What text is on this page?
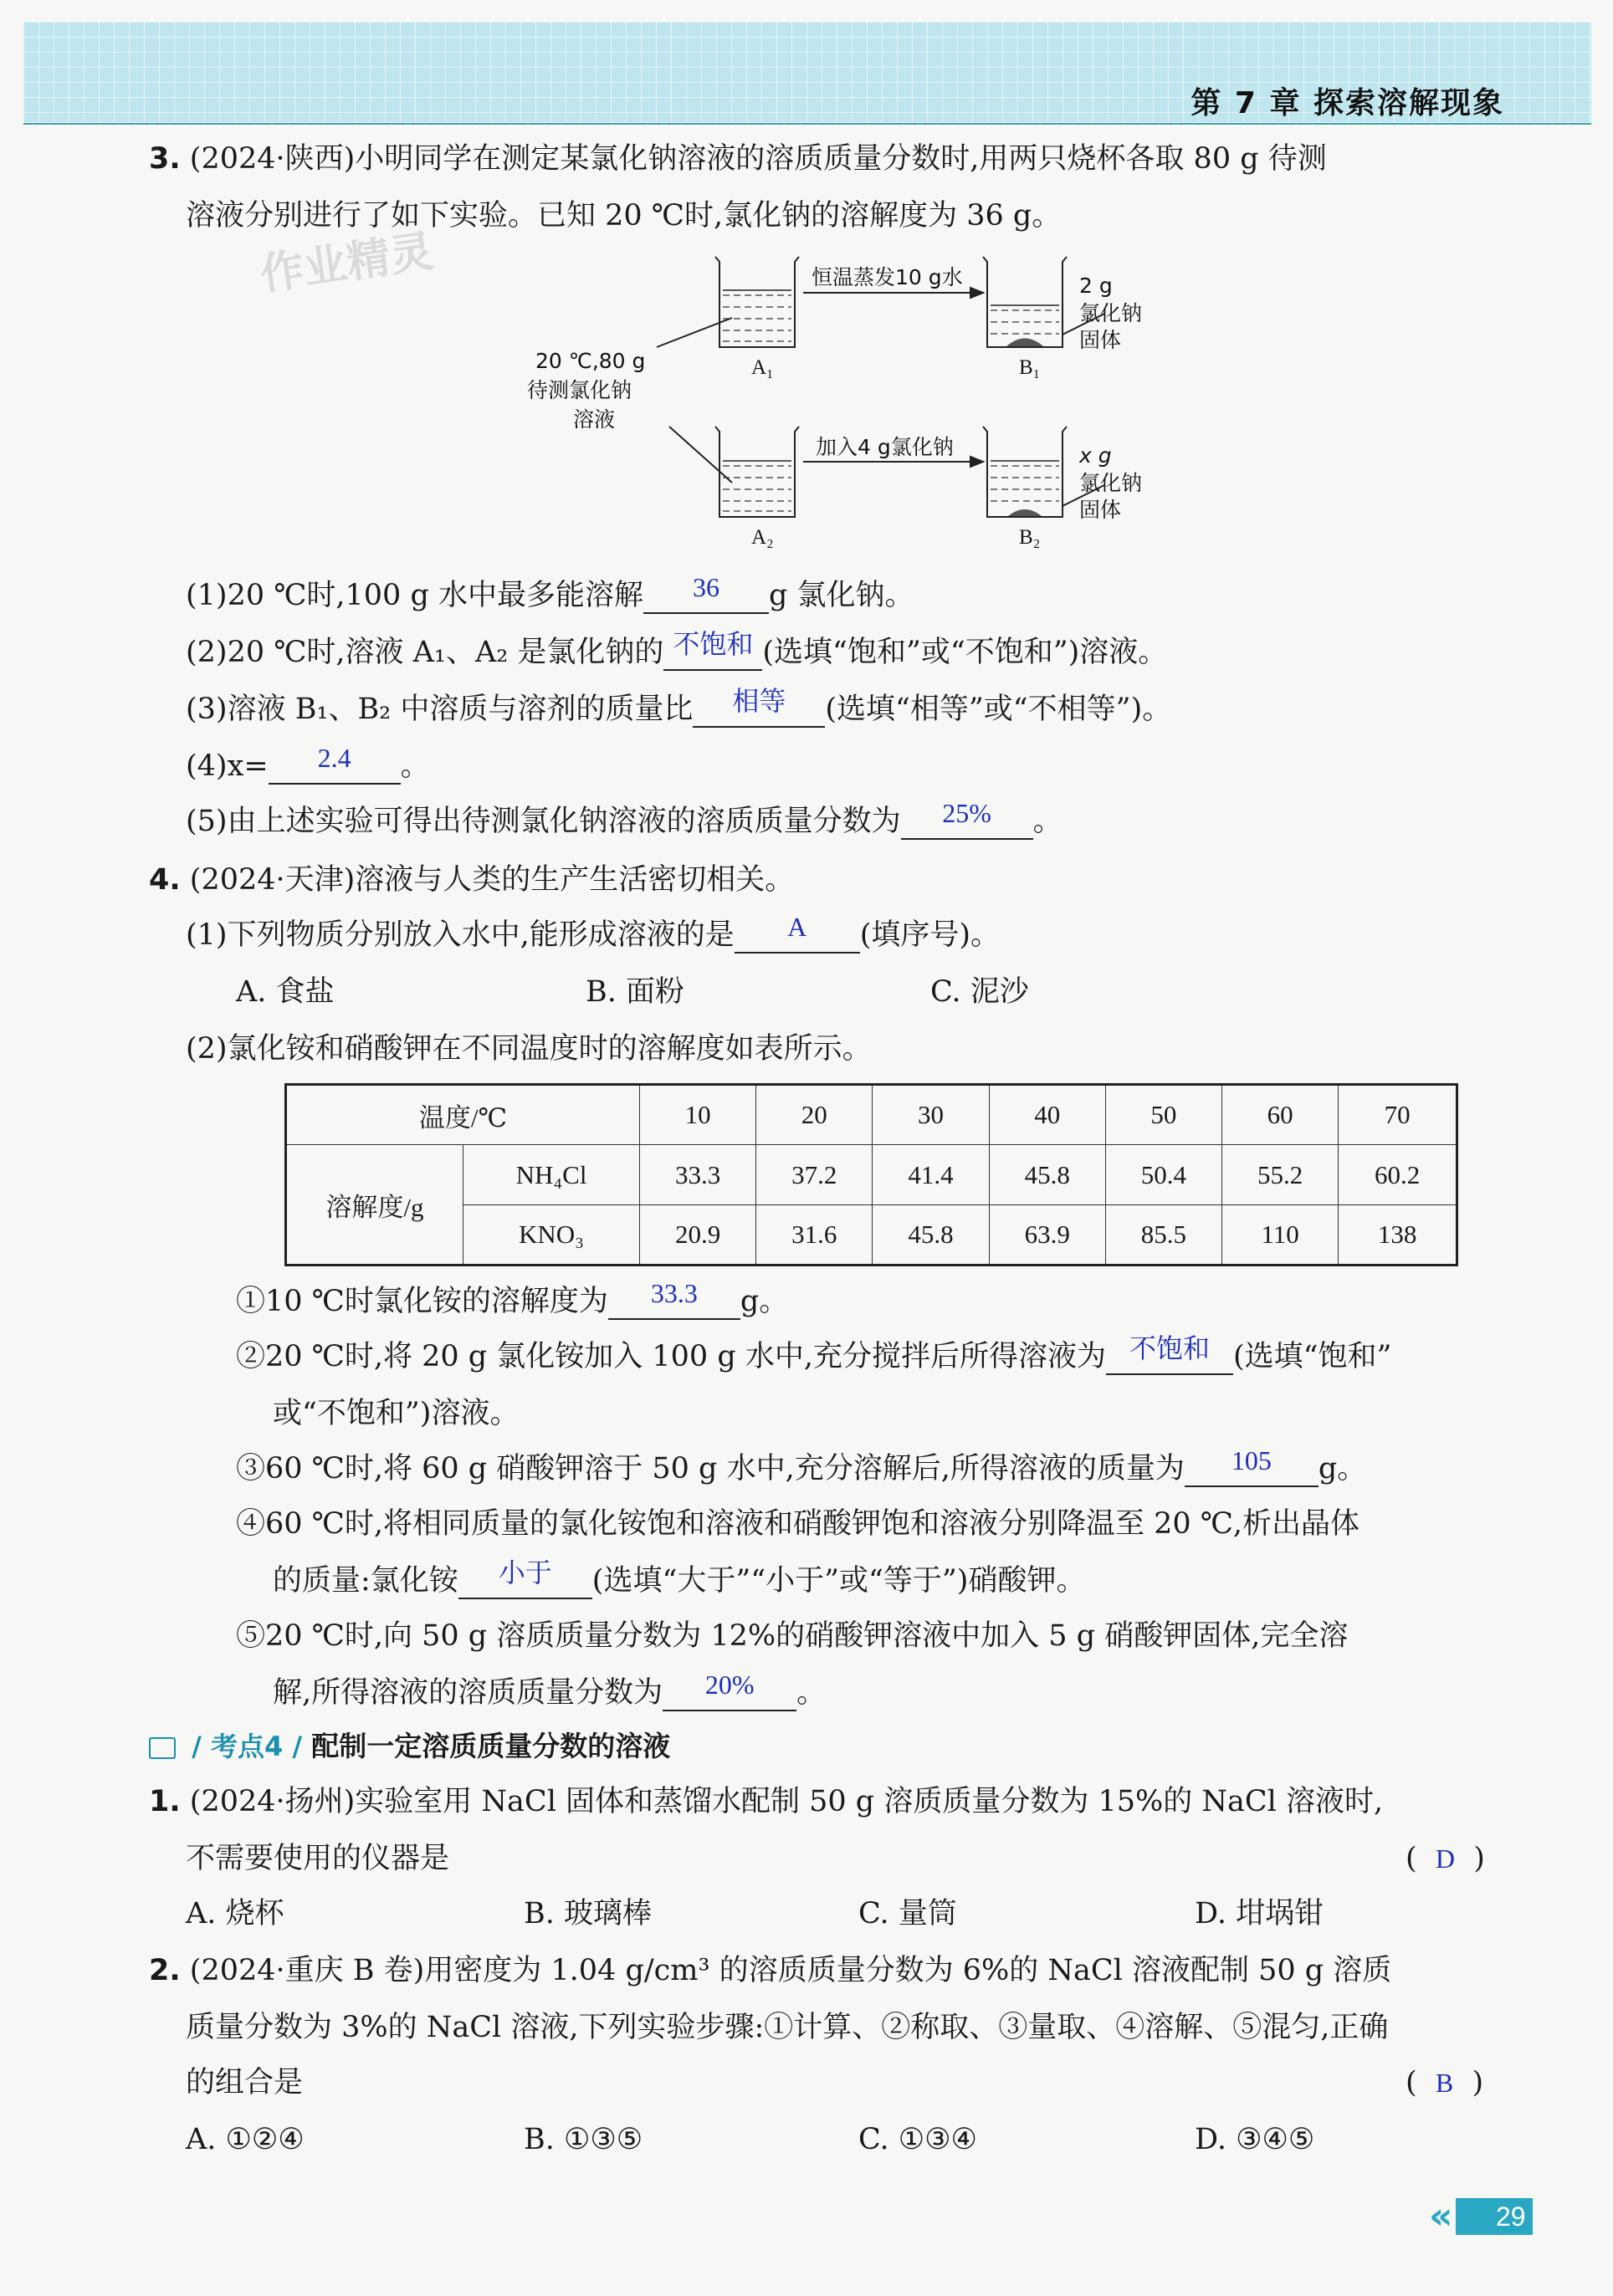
第 7 章 探索溶解现象
作业精灵
3. (2024·陕西)小明同学在测定某氯化钠溶液的溶质质量分数时,用两只烧杯各取 80 g 待测
溶液分别进行了如下实验。已知 20 ℃时,氯化钠的溶解度为 36 g。
恒温蒸发10 g水
加入4 g氯化钠
20 ℃,80 g
待测氯化钠
溶液
2 g
氯化钠
固体
x g
氯化钠
固体
A₁	B₁
A₂	B₂
(1)20 ℃时,100 g 水中最多能溶解	36	g 氯化钠。
(2)20 ℃时,溶液 A₁、A₂ 是氯化钠的 不饱和 (选填“饱和”或“不饱和”)溶液。
(3)溶液 B₁、B₂ 中溶质与溶剂的质量比	相等	(选填“相等”或“不相等”)。
(4)x=	2.4	。
(5)由上述实验可得出待测氯化钠溶液的溶质质量分数为	25%	。
4. (2024·天津)溶液与人类的生产生活密切相关。
(1)下列物质分别放入水中,能形成溶液的是	A	(填序号)。
A. 食盐	B. 面粉	C. 泥沙
(2)氯化铵和硝酸钾在不同温度时的溶解度如表所示。
温度/℃		10	20	30	40	50	60	70
溶解度/g	NH₄Cl	33.3	37.2	41.4	45.8	50.4	55.2	60.2
	KNO₃	20.9	31.6	45.8	63.9	85.5	110	138
①10 ℃时氯化铵的溶解度为	33.3	g。
②20 ℃时,将 20 g 氯化铵加入 100 g 水中,充分搅拌后所得溶液为 不饱和 (选填“饱和”
或“不饱和”)溶液。
③60 ℃时,将 60 g 硝酸钾溶于 50 g 水中,充分溶解后,所得溶液的质量为	105	g。
④60 ℃时,将相同质量的氯化铵饱和溶液和硝酸钾饱和溶液分别降温至 20 ℃,析出晶体
的质量:氯化铵	小于	(选填“大于”“小于”或“等于”)硝酸钾。
⑤20 ℃时,向 50 g 溶质质量分数为 12%的硝酸钾溶液中加入 5 g 硝酸钾固体,完全溶
解,所得溶液的溶质质量分数为	20%	。
/ 考点4 / 配制一定溶质质量分数的溶液
1. (2024·扬州)实验室用 NaCl 固体和蒸馏水配制 50 g 溶质质量分数为 15%的 NaCl 溶液时,
不需要使用的仪器是	(  D  )
A. 烧杯	B. 玻璃棒	C. 量筒	D. 坩埚钳
2. (2024·重庆 B 卷)用密度为 1.04 g/cm³ 的溶质质量分数为 6%的 NaCl 溶液配制 50 g 溶质
质量分数为 3%的 NaCl 溶液,下列实验步骤:①计算、②称取、③量取、④溶解、⑤混匀,正确
的组合是	(  B  )
A. ①②④	B. ①③⑤	C. ①③④	D. ③④⑤
«	29
